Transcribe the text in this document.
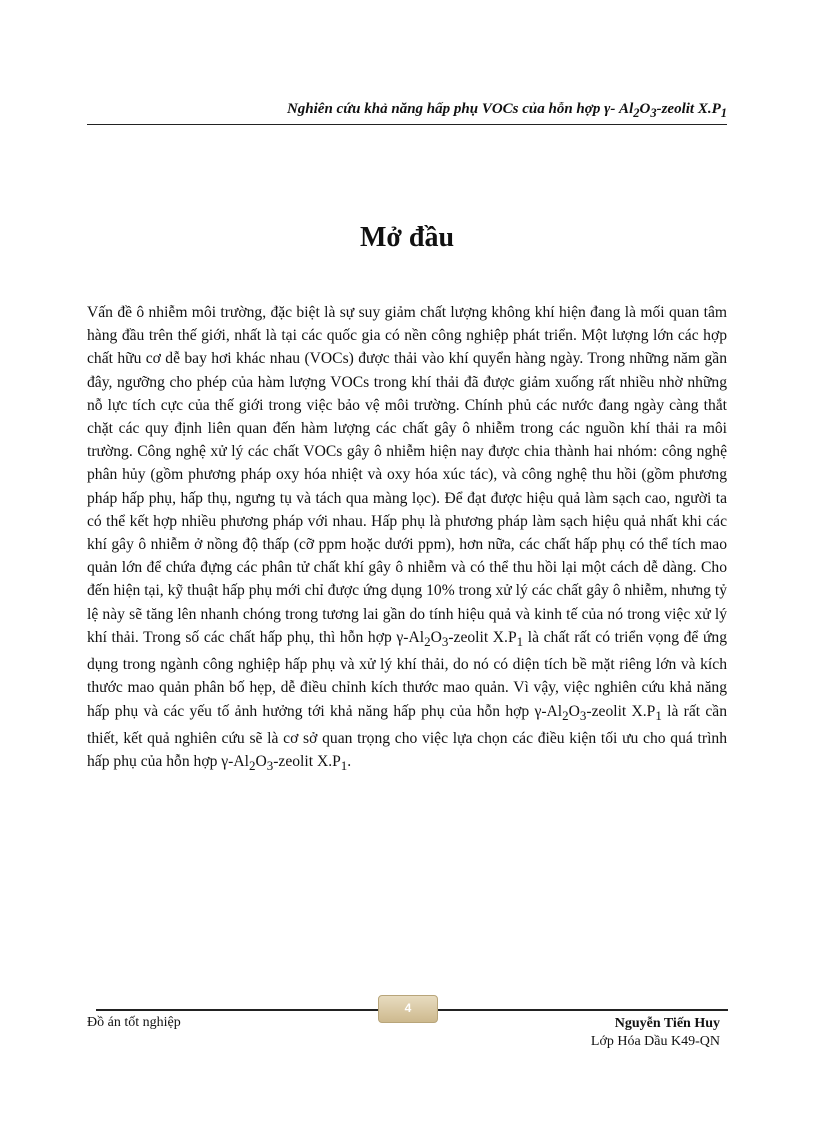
Nghiên cứu khả năng hấp phụ VOCs của hỗn hợp γ- $Al_2O_3$-zeolit $X.P_1$
Mở đầu

Vấn đề ô nhiễm môi trường, đặc biệt là sự suy giảm chất lượng không khí hiện đang là mối quan tâm hàng đầu trên thế giới, nhất là tại các quốc gia có nền công nghiệp phát triển. Một lượng lớn các hợp chất hữu cơ dễ bay hơi khác nhau (VOCs) được thải vào khí quyển hàng ngày. Trong những năm gần đây, ngưỡng cho phép của hàm lượng VOCs trong khí thải đã được giảm xuống rất nhiều nhờ những nỗ lực tích cực của thế giới trong việc bảo vệ môi trường. Chính phủ các nước đang ngày càng thắt chặt các quy định liên quan đến hàm lượng các chất gây ô nhiễm trong các nguồn khí thải ra môi trường. Công nghệ xử lý các chất VOCs gây ô nhiễm hiện nay được chia thành hai nhóm: công nghệ phân hủy (gồm phương pháp oxy hóa nhiệt và oxy hóa xúc tác), và công nghệ thu hồi (gồm phương pháp hấp phụ, hấp thụ, ngưng tụ và tách qua màng lọc). Để đạt được hiệu quả làm sạch cao, người ta có thể kết hợp nhiều phương pháp với nhau. Hấp phụ là phương pháp làm sạch hiệu quả nhất khi các khí gây ô nhiễm ở nồng độ thấp (cỡ ppm hoặc dưới ppm), hơn nữa, các chất hấp phụ có thể tích mao quản lớn để chứa đựng các phân tử chất khí gây ô nhiễm và có thể thu hồi lại một cách dễ dàng. Cho đến hiện tại, kỹ thuật hấp phụ mới chỉ được ứng dụng 10% trong xử lý các chất gây ô nhiễm, nhưng tỷ lệ này sẽ tăng lên nhanh chóng trong tương lai gần do tính hiệu quả và kinh tế của nó trong việc xử lý khí thải. Trong số các chất hấp phụ, thì hỗn hợp $\gamma-Al_2O_3$-zeolit $X.P_1$ là chất rất có triển vọng để ứng dụng trong ngành công nghiệp hấp phụ và xử lý khí thải, do nó có diện tích bề mặt riêng lớn và kích thước mao quản phân bố hẹp, dễ điều chỉnh kích thước mao quản. Vì vậy, việc nghiên cứu khả năng hấp phụ và các yếu tố ảnh hưởng tới khả năng hấp phụ của hỗn hợp $\gamma-Al_2O_3$-zeolit $X.P_1$ là rất cần thiết, kết quả nghiên cứu sẽ là cơ sở quan trọng cho việc lựa chọn các điều kiện tối ưu cho quá trình hấp phụ của hỗn hợp $\gamma-Al_2O_3$-zeolit $X.P_1$.

4
Đồ án tốt nghiệp	Nguyễn Tiến Huy
Lớp Hóa Dầu K49-QN
